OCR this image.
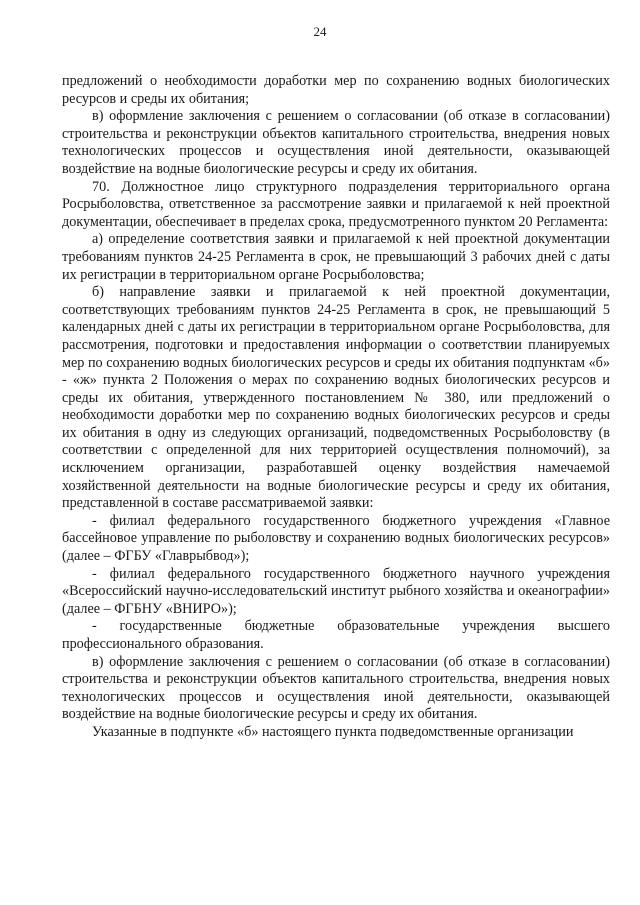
24

предложений о необходимости доработки мер по сохранению водных биологических ресурсов и среды их обитания;

в) оформление заключения с решением о согласовании (об отказе в согласовании) строительства и реконструкции объектов капитального строительства, внедрения новых технологических процессов и осуществления иной деятельности, оказывающей воздействие на водные биологические ресурсы и среду их обитания.

70. Должностное лицо структурного подразделения территориального органа Росрыболовства, ответственное за рассмотрение заявки и прилагаемой к ней проектной документации, обеспечивает в пределах срока, предусмотренного пунктом 20 Регламента:

а) определение соответствия заявки и прилагаемой к ней проектной документации требованиям пунктов 24-25 Регламента в срок, не превышающий 3 рабочих дней с даты их регистрации в территориальном органе Росрыболовства;

б) направление заявки и прилагаемой к ней проектной документации, соответствующих требованиям пунктов 24-25 Регламента в срок, не превышающий 5 календарных дней с даты их регистрации в территориальном органе Росрыболовства, для рассмотрения, подготовки и предоставления информации о соответствии планируемых мер по сохранению водных биологических ресурсов и среды их обитания подпунктам «б» - «ж» пункта 2 Положения о мерах по сохранению водных биологических ресурсов и среды их обитания, утвержденного постановлением № 380, или предложений о необходимости доработки мер по сохранению водных биологических ресурсов и среды их обитания в одну из следующих организаций, подведомственных Росрыболовству (в соответствии с определенной для них территорией осуществления полномочий), за исключением организации, разработавшей оценку воздействия намечаемой хозяйственной деятельности на водные биологические ресурсы и среду их обитания, представленной в составе рассматриваемой заявки:

- филиал федерального государственного бюджетного учреждения «Главное бассейновое управление по рыболовству и сохранению водных биологических ресурсов» (далее – ФГБУ «Главрыбвод»);

- филиал федерального государственного бюджетного научного учреждения «Всероссийский научно-исследовательский институт рыбного хозяйства и океанографии» (далее – ФГБНУ «ВНИРО»);

- государственные бюджетные образовательные учреждения высшего профессионального образования.

в) оформление заключения с решением о согласовании (об отказе в согласовании) строительства и реконструкции объектов капитального строительства, внедрения новых технологических процессов и осуществления иной деятельности, оказывающей воздействие на водные биологические ресурсы и среду их обитания.

Указанные в подпункте «б» настоящего пункта подведомственные организации
